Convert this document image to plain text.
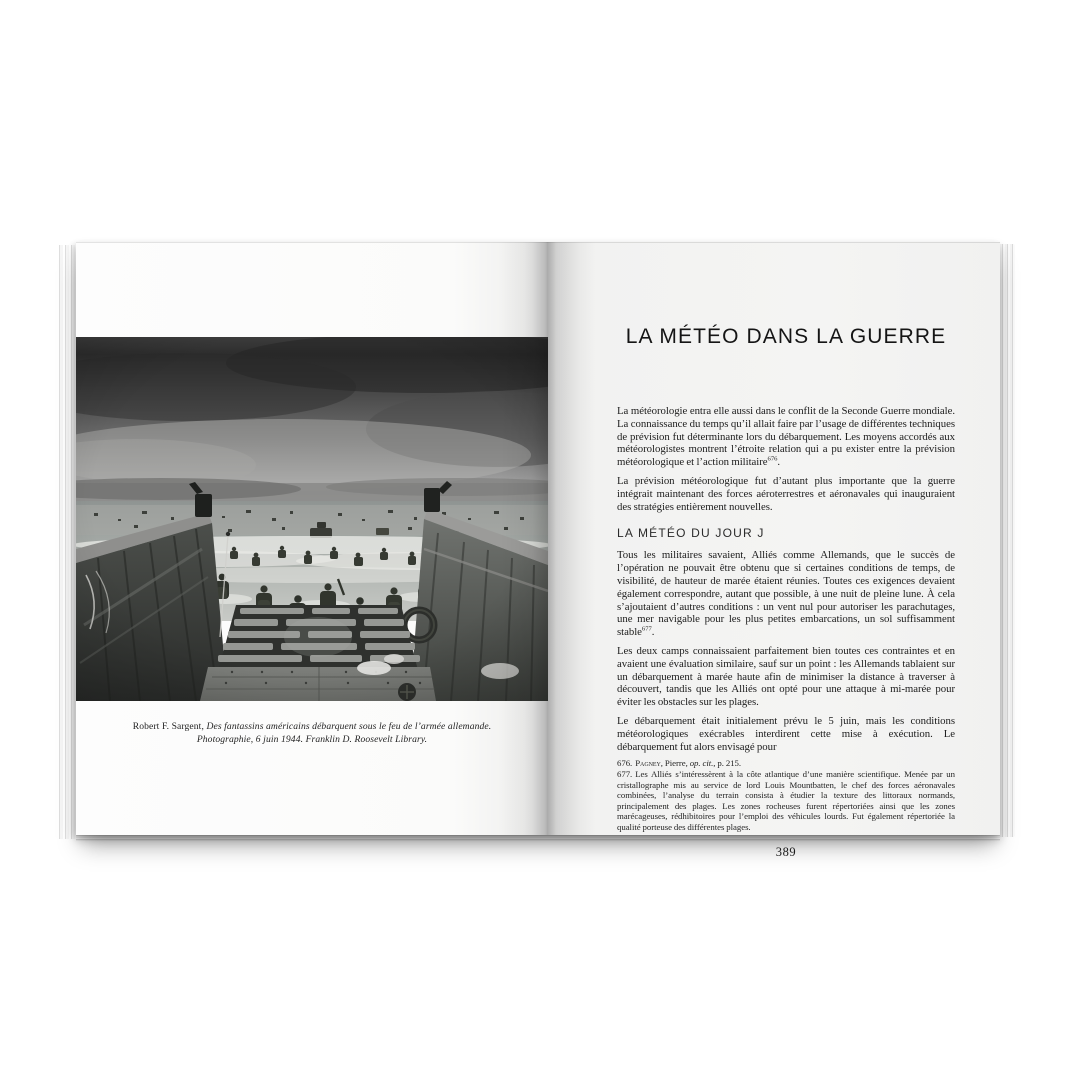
Robert F. Sargent, Des fantassins américains débarquent sous le feu de l’armée allemande.
Photographie, 6 juin 1944. Franklin D. Roosevelt Library.

LA MÉTÉO DANS LA GUERRE

La météorologie entra elle aussi dans le conflit de la Seconde Guerre mondiale. La connaissance du temps qu’il allait faire par l’usage de différentes techniques de prévision fut déterminante lors du débarquement. Les moyens accordés aux météorologistes montrent l’étroite relation qui a pu exister entre la prévision météorologique et l’action militaire$^{676}$.

La prévision météorologique fut d’autant plus importante que la guerre intégrait maintenant des forces aéroterrestres et aéronavales qui inauguraient des stratégies entièrement nouvelles.

LA MÉTÉO DU JOUR J

Tous les militaires savaient, Alliés comme Allemands, que le succès de l’opération ne pouvait être obtenu que si certaines conditions de temps, de visibilité, de hauteur de marée étaient réunies. Toutes ces exigences devaient également correspondre, autant que possible, à une nuit de pleine lune. À cela s’ajoutaient d’autres conditions : un vent nul pour autoriser les parachutages, une mer navigable pour les plus petites embarcations, un sol suffisamment stable$^{677}$.

Les deux camps connaissaient parfaitement bien toutes ces contraintes et en avaient une évaluation similaire, sauf sur un point : les Allemands tablaient sur un débarquement à marée haute afin de minimiser la distance à traverser à découvert, tandis que les Alliés ont opté pour une attaque à mi-marée pour éviter les obstacles sur les plages.

Le débarquement était initialement prévu le 5 juin, mais les conditions météorologiques exécrables interdirent cette mise à exécution. Le débarquement fut alors envisagé pour

676. Pagney, Pierre, op. cit., p. 215.

677. Les Alliés s’intéressèrent à la côte atlantique d’une manière scientifique. Menée par un cristallographe mis au service de lord Louis Mountbatten, le chef des forces aéronavales combinées, l’analyse du terrain consista à étudier la texture des littoraux normands, principalement des plages. Les zones rocheuses furent répertoriées ainsi que les zones marécageuses, rédhibitoires pour l’emploi des véhicules lourds. Fut également répertoriée la qualité porteuse des différentes plages.

389
